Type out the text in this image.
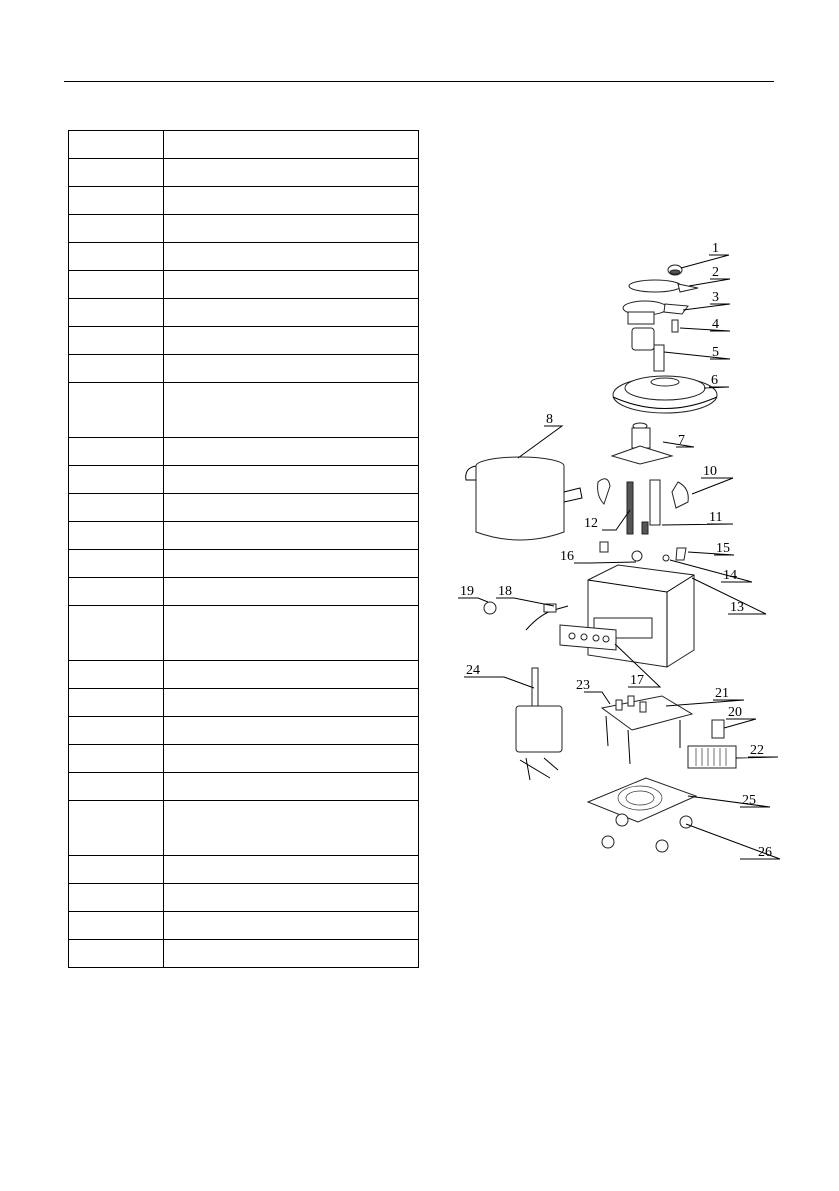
1
2
3
4
5
6
7
8
10
11
12
13
14
15
16
17
18
19
20
21
22
23
24
25
26
